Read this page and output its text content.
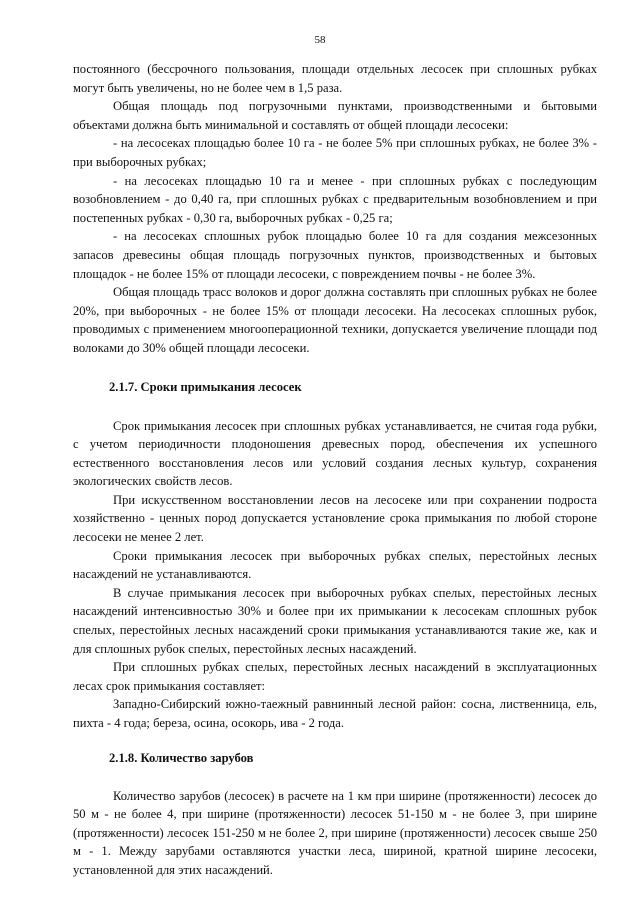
58

постоянного (бессрочного пользования, площади отдельных лесосек при сплошных рубках могут быть увеличены, но не более чем в 1,5 раза.

Общая площадь под погрузочными пунктами, производственными и бытовыми объектами должна быть минимальной и составлять от общей площади лесосеки:

- на лесосеках площадью более 10 га - не более 5% при сплошных рубках, не более 3% - при выборочных рубках;

- на лесосеках площадью 10 га и менее - при сплошных рубках с последующим возобновлением - до 0,40 га, при сплошных рубках с предварительным возобновлением и при постепенных рубках - 0,30 га, выборочных рубках - 0,25 га;

- на лесосеках сплошных рубок площадью более 10 га для создания межсезонных запасов древесины общая площадь погрузочных пунктов, производственных и бытовых площадок - не более 15% от площади лесосеки, с повреждением почвы - не более 3%.

Общая площадь трасс волоков и дорог должна составлять при сплошных рубках не более 20%, при выборочных - не более 15% от площади лесосеки. На лесосеках сплошных рубок, проводимых с применением многооперационной техники, допускается увеличение площади под волоками до 30% общей площади лесосеки.

2.1.7. Сроки примыкания лесосек

Срок примыкания лесосек при сплошных рубках устанавливается, не считая года рубки, с учетом периодичности плодоношения древесных пород, обеспечения их успешного естественного восстановления лесов или условий создания лесных культур, сохранения экологических свойств лесов.

При искусственном восстановлении лесов на лесосеке или при сохранении подроста хозяйственно - ценных пород допускается установление срока примыкания по любой стороне лесосеки не менее 2 лет.

Сроки примыкания лесосек при выборочных рубках спелых, перестойных лесных насаждений не устанавливаются.

В случае примыкания лесосек при выборочных рубках спелых, перестойных лесных насаждений интенсивностью 30% и более при их примыкании к лесосекам сплошных рубок спелых, перестойных лесных насаждений сроки примыкания устанавливаются такие же, как и для сплошных рубок спелых, перестойных лесных насаждений.

При сплошных рубках спелых, перестойных лесных насаждений в эксплуатационных лесах срок примыкания составляет:

Западно-Сибирский южно-таежный равнинный лесной район: сосна, лиственница, ель, пихта - 4 года; береза, осина, осокорь, ива - 2 года.

2.1.8. Количество зарубов

Количество зарубов (лесосек) в расчете на 1 км при ширине (протяженности) лесосек до 50 м - не более 4, при ширине (протяженности) лесосек 51-150 м - не более 3, при ширине (протяженности) лесосек 151-250 м не более 2, при ширине (протяженности) лесосек свыше 250 м - 1. Между зарубами оставляются участки леса, шириной, кратной ширине лесосеки, установленной для этих насаждений.
